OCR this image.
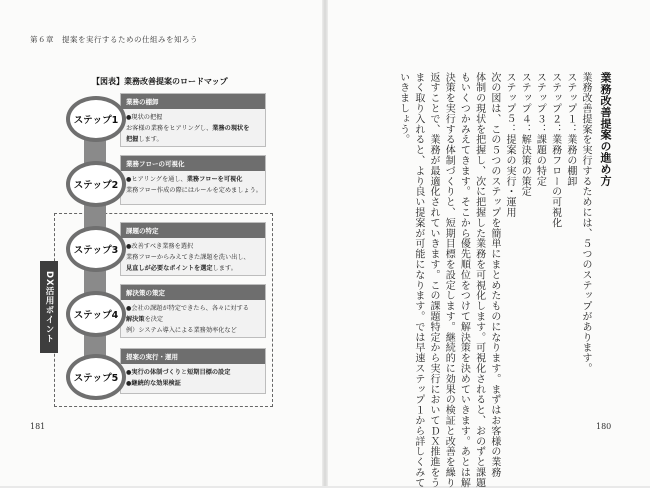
第６章　提案を実行するための仕組みを知ろう
【図表】業務改善提案のロードマップ
DX活用ポイント
業務の棚卸
●現状の把握
お客様の業務をヒアリングし、業務の現状を
把握します。
ステップ1
業務フローの可視化
●ヒアリングを通し、業務フローを可視化
業務フロー作成の際にはルールを定めましょう。
ステップ2
課題の特定
●改善すべき業務を選択
業務フローからみえてきた課題を洗い出し、
見直しが必要なポイントを選定します。
ステップ3
解決策の策定
●会社の課題が特定できたら、各々に対する
解決策を決定
例）システム導入による業務効率化など
ステップ4
提案の実行・運用
●実行の体制づくりと短期目標の設定
●継続的な効果検証
ステップ5
181
業務改善提案の進め方
業務改善提案を実行するためには、５つのステップがあります。
ステップ１：業務の棚卸
ステップ２：業務フローの可視化
ステップ３：課題の特定
ステップ４：解決策の策定
ステップ５：提案の実行・運用
次の図は、この５つのステップを簡単にまとめたものになります。まずはお客様の業務
体制の現状を把握し、次に把握した業務を可視化します。可視化されると、おのずと課題
もいくつかみえてきます。そこから優先順位をつけて解決策を決めていきます。あとは解
決策を実行する体制づくりと、短期目標を設定します。継続的に効果の検証と改善を繰り
返すことで、業務が最適化されていきます。この課題特定から実行においてＤＸ推進をう
まく取り入れると、より良い提案が可能になります。では早速ステップ１から詳しくみて
いきましょう。
180
